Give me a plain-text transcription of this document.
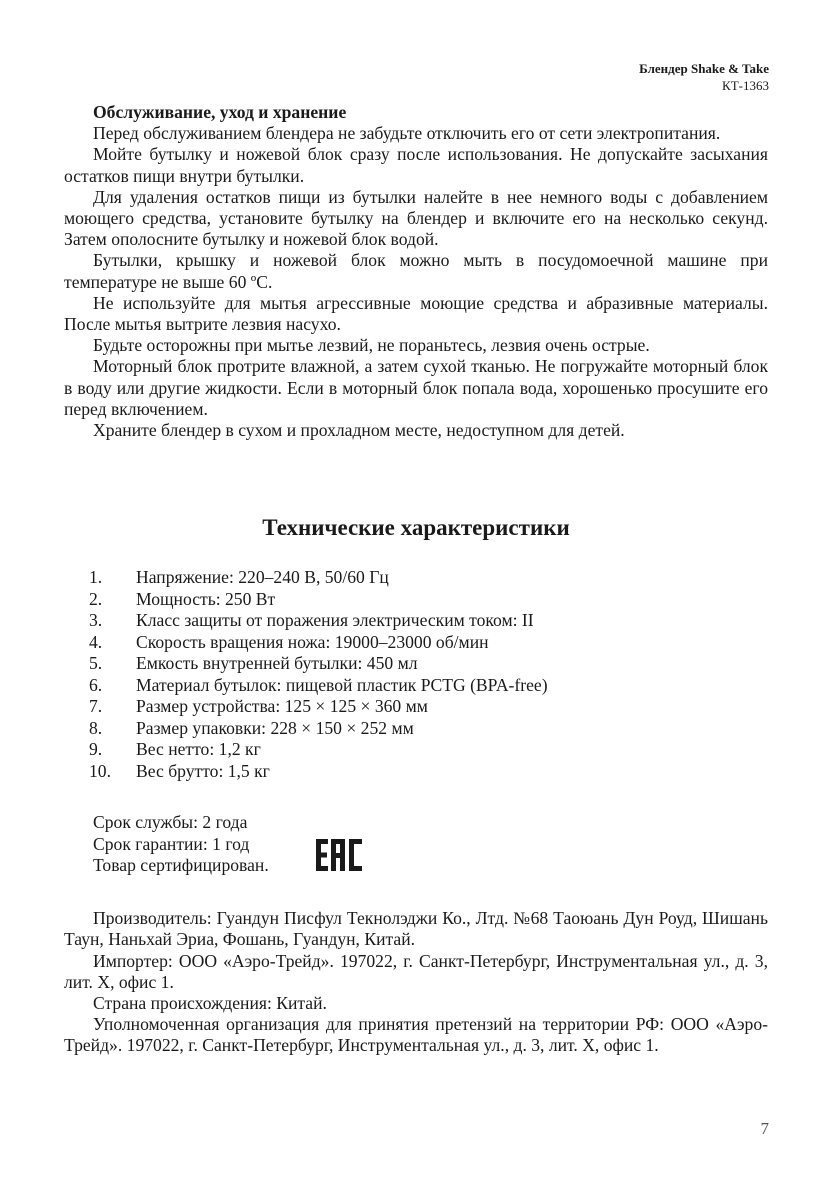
Блендер Shake & Take
КТ-1363
Обслуживание, уход и хранение

Перед обслуживанием блендера не забудьте отключить его от сети электропитания.

Мойте бутылку и ножевой блок сразу после использования. Не допускайте засыхания остатков пищи внутри бутылки.

Для удаления остатков пищи из бутылки налейте в нее немного воды с добавлением моющего средства, установите бутылку на блендер и включите его на несколько секунд. Затем ополосните бутылку и ножевой блок водой.

Бутылки, крышку и ножевой блок можно мыть в посудомоечной машине при температуре не выше 60 ºС.

Не используйте для мытья агрессивные моющие средства и абразивные материалы. После мытья вытрите лезвия насухо.

Будьте осторожны при мытье лезвий, не пораньтесь, лезвия очень острые.

Моторный блок протрите влажной, а затем сухой тканью. Не погружайте моторный блок в воду или другие жидкости. Если в моторный блок попала вода, хорошенько просушите его перед включением.

Храните блендер в сухом и прохладном месте, недоступном для детей.

Технические характеристики
1.	Напряжение: 220–240 В, 50/60 Гц
2.	Мощность: 250 Вт
3.	Класс защиты от поражения электрическим током: II
4.	Скорость вращения ножа: 19000–23000 об/мин
5.	Емкость внутренней бутылки: 450 мл
6.	Материал бутылок: пищевой пластик PCTG (BPA-free)
7.	Размер устройства: 125 × 125 × 360 мм
8.	Размер упаковки: 228 × 150 × 252 мм
9.	Вес нетто: 1,2 кг
10.	Вес брутто: 1,5 кг
Срок службы: 2 года
Срок гарантии: 1 год
Товар сертифицирован.

Производитель: Гуандун Писфул Текнолэджи Ко., Лтд. №68 Таоюань Дун Роуд, Шишань Таун, Наньхай Эриа, Фошань, Гуандун, Китай.

Импортер: ООО «Аэро-Трейд». 197022, г. Санкт-Петербург, Инструментальная ул., д. 3, лит. Х, офис 1.

Страна происхождения: Китай.

Уполномоченная организация для принятия претензий на территории РФ: ООО «Аэро-Трейд». 197022, г. Санкт-Петербург, Инструментальная ул., д. 3, лит. Х, офис 1.

7
